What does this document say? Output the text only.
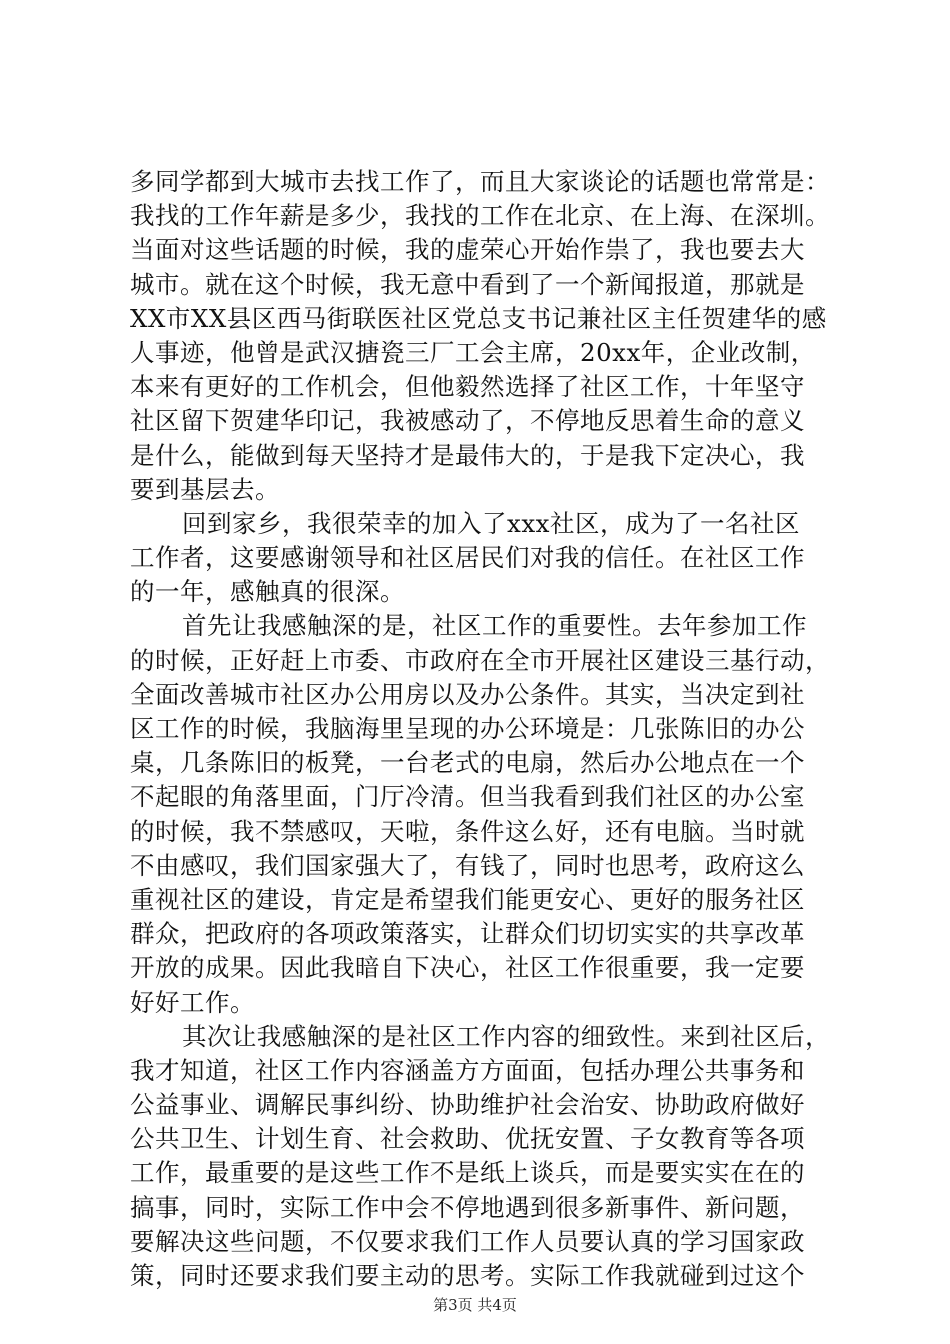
多同学都到大城市去找工作了，而且大家谈论的话题也常常是：
我找的工作年薪是多少，我找的工作在北京、在上海、在深圳。
当面对这些话题的时候，我的虚荣心开始作祟了，我也要去大
城市。就在这个时候，我无意中看到了一个新闻报道，那就是
XX市XX县区西马街联医社区党总支书记兼社区主任贺建华的感
人事迹，他曾是武汉搪瓷三厂工会主席，20xx年，企业改制，
本来有更好的工作机会，但他毅然选择了社区工作，十年坚守
社区留下贺建华印记，我被感动了，不停地反思着生命的意义
是什么，能做到每天坚持才是最伟大的，于是我下定决心，我
要到基层去。
回到家乡，我很荣幸的加入了xxx社区，成为了一名社区
工作者，这要感谢领导和社区居民们对我的信任。在社区工作
的一年，感触真的很深。
首先让我感触深的是，社区工作的重要性。去年参加工作
的时候，正好赶上市委、市政府在全市开展社区建设三基行动，
全面改善城市社区办公用房以及办公条件。其实，当决定到社
区工作的时候，我脑海里呈现的办公环境是：几张陈旧的办公
桌，几条陈旧的板凳，一台老式的电扇，然后办公地点在一个
不起眼的角落里面，门厅冷清。但当我看到我们社区的办公室
的时候，我不禁感叹，天啦，条件这么好，还有电脑。当时就
不由感叹，我们国家强大了，有钱了，同时也思考，政府这么
重视社区的建设，肯定是希望我们能更安心、更好的服务社区
群众，把政府的各项政策落实，让群众们切切实实的共享改革
开放的成果。因此我暗自下决心，社区工作很重要，我一定要
好好工作。
其次让我感触深的是社区工作内容的细致性。来到社区后，
我才知道，社区工作内容涵盖方方面面，包括办理公共事务和
公益事业、调解民事纠纷、协助维护社会治安、协助政府做好
公共卫生、计划生育、社会救助、优抚安置、子女教育等各项
工作，最重要的是这些工作不是纸上谈兵，而是要实实在在的
搞事，同时，实际工作中会不停地遇到很多新事件、新问题，
要解决这些问题，不仅要求我们工作人员要认真的学习国家政
策，同时还要求我们要主动的思考。实际工作我就碰到过这个
第3页 共4页
